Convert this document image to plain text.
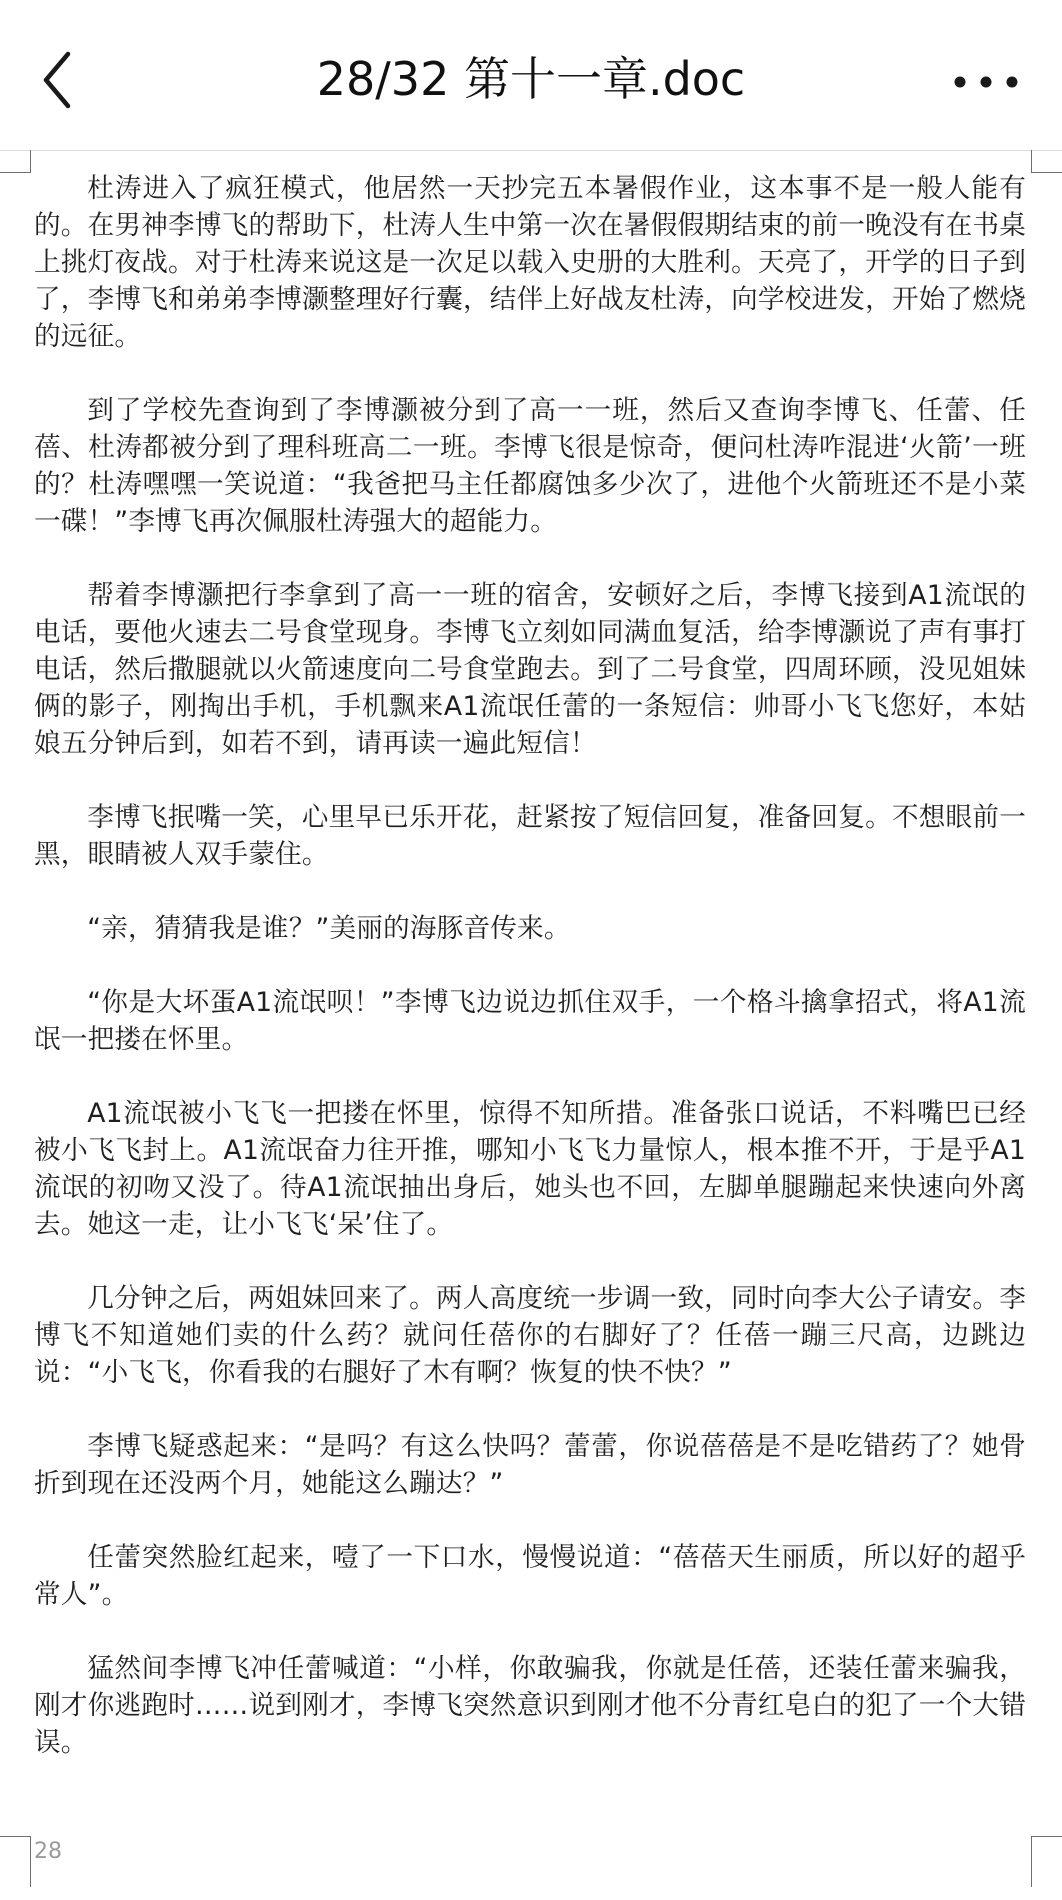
28/32 第十一章.doc

杜涛进入了疯狂模式，他居然一天抄完五本暑假作业，这本事不是一般人能有的。在男神李博飞的帮助下，杜涛人生中第一次在暑假假期结束的前一晚没有在书桌上挑灯夜战。对于杜涛来说这是一次足以载入史册的大胜利。天亮了，开学的日子到了，李博飞和弟弟李博灏整理好行囊，结伴上好战友杜涛，向学校进发，开始了燃烧的远征。

到了学校先查询到了李博灏被分到了高一一班，然后又查询李博飞、任蕾、任蓓、杜涛都被分到了理科班高二一班。李博飞很是惊奇，便问杜涛咋混进‘火箭’一班的？杜涛嘿嘿一笑说道：“我爸把马主任都腐蚀多少次了，进他个火箭班还不是小菜一碟！”李博飞再次佩服杜涛强大的超能力。

帮着李博灏把行李拿到了高一一班的宿舍，安顿好之后，李博飞接到A1流氓的电话，要他火速去二号食堂现身。李博飞立刻如同满血复活，给李博灏说了声有事打电话，然后撒腿就以火箭速度向二号食堂跑去。到了二号食堂，四周环顾，没见姐妹俩的影子，刚掏出手机，手机飘来A1流氓任蕾的一条短信：帅哥小飞飞您好，本姑娘五分钟后到，如若不到，请再读一遍此短信！

李博飞抿嘴一笑，心里早已乐开花，赶紧按了短信回复，准备回复。不想眼前一黑，眼睛被人双手蒙住。

“亲，猜猜我是谁？”美丽的海豚音传来。

“你是大坏蛋A1流氓呗！”李博飞边说边抓住双手，一个格斗擒拿招式，将A1流氓一把搂在怀里。

A1流氓被小飞飞一把搂在怀里，惊得不知所措。准备张口说话，不料嘴巴已经被小飞飞封上。A1流氓奋力往开推，哪知小飞飞力量惊人，根本推不开，于是乎A1流氓的初吻又没了。待A1流氓抽出身后，她头也不回，左脚单腿蹦起来快速向外离去。她这一走，让小飞飞‘呆’住了。

几分钟之后，两姐妹回来了。两人高度统一步调一致，同时向李大公子请安。李博飞不知道她们卖的什么药？就问任蓓你的右脚好了？任蓓一蹦三尺高，边跳边说：“小飞飞，你看我的右腿好了木有啊？恢复的快不快？”

李博飞疑惑起来：“是吗？有这么快吗？蕾蕾，你说蓓蓓是不是吃错药了？她骨折到现在还没两个月，她能这么蹦达？”

任蕾突然脸红起来，噎了一下口水，慢慢说道：“蓓蓓天生丽质，所以好的超乎常人”。

猛然间李博飞冲任蕾喊道：“小样，你敢骗我，你就是任蓓，还装任蕾来骗我，刚才你逃跑时……说到刚才，李博飞突然意识到刚才他不分青红皂白的犯了一个大错误。

28
